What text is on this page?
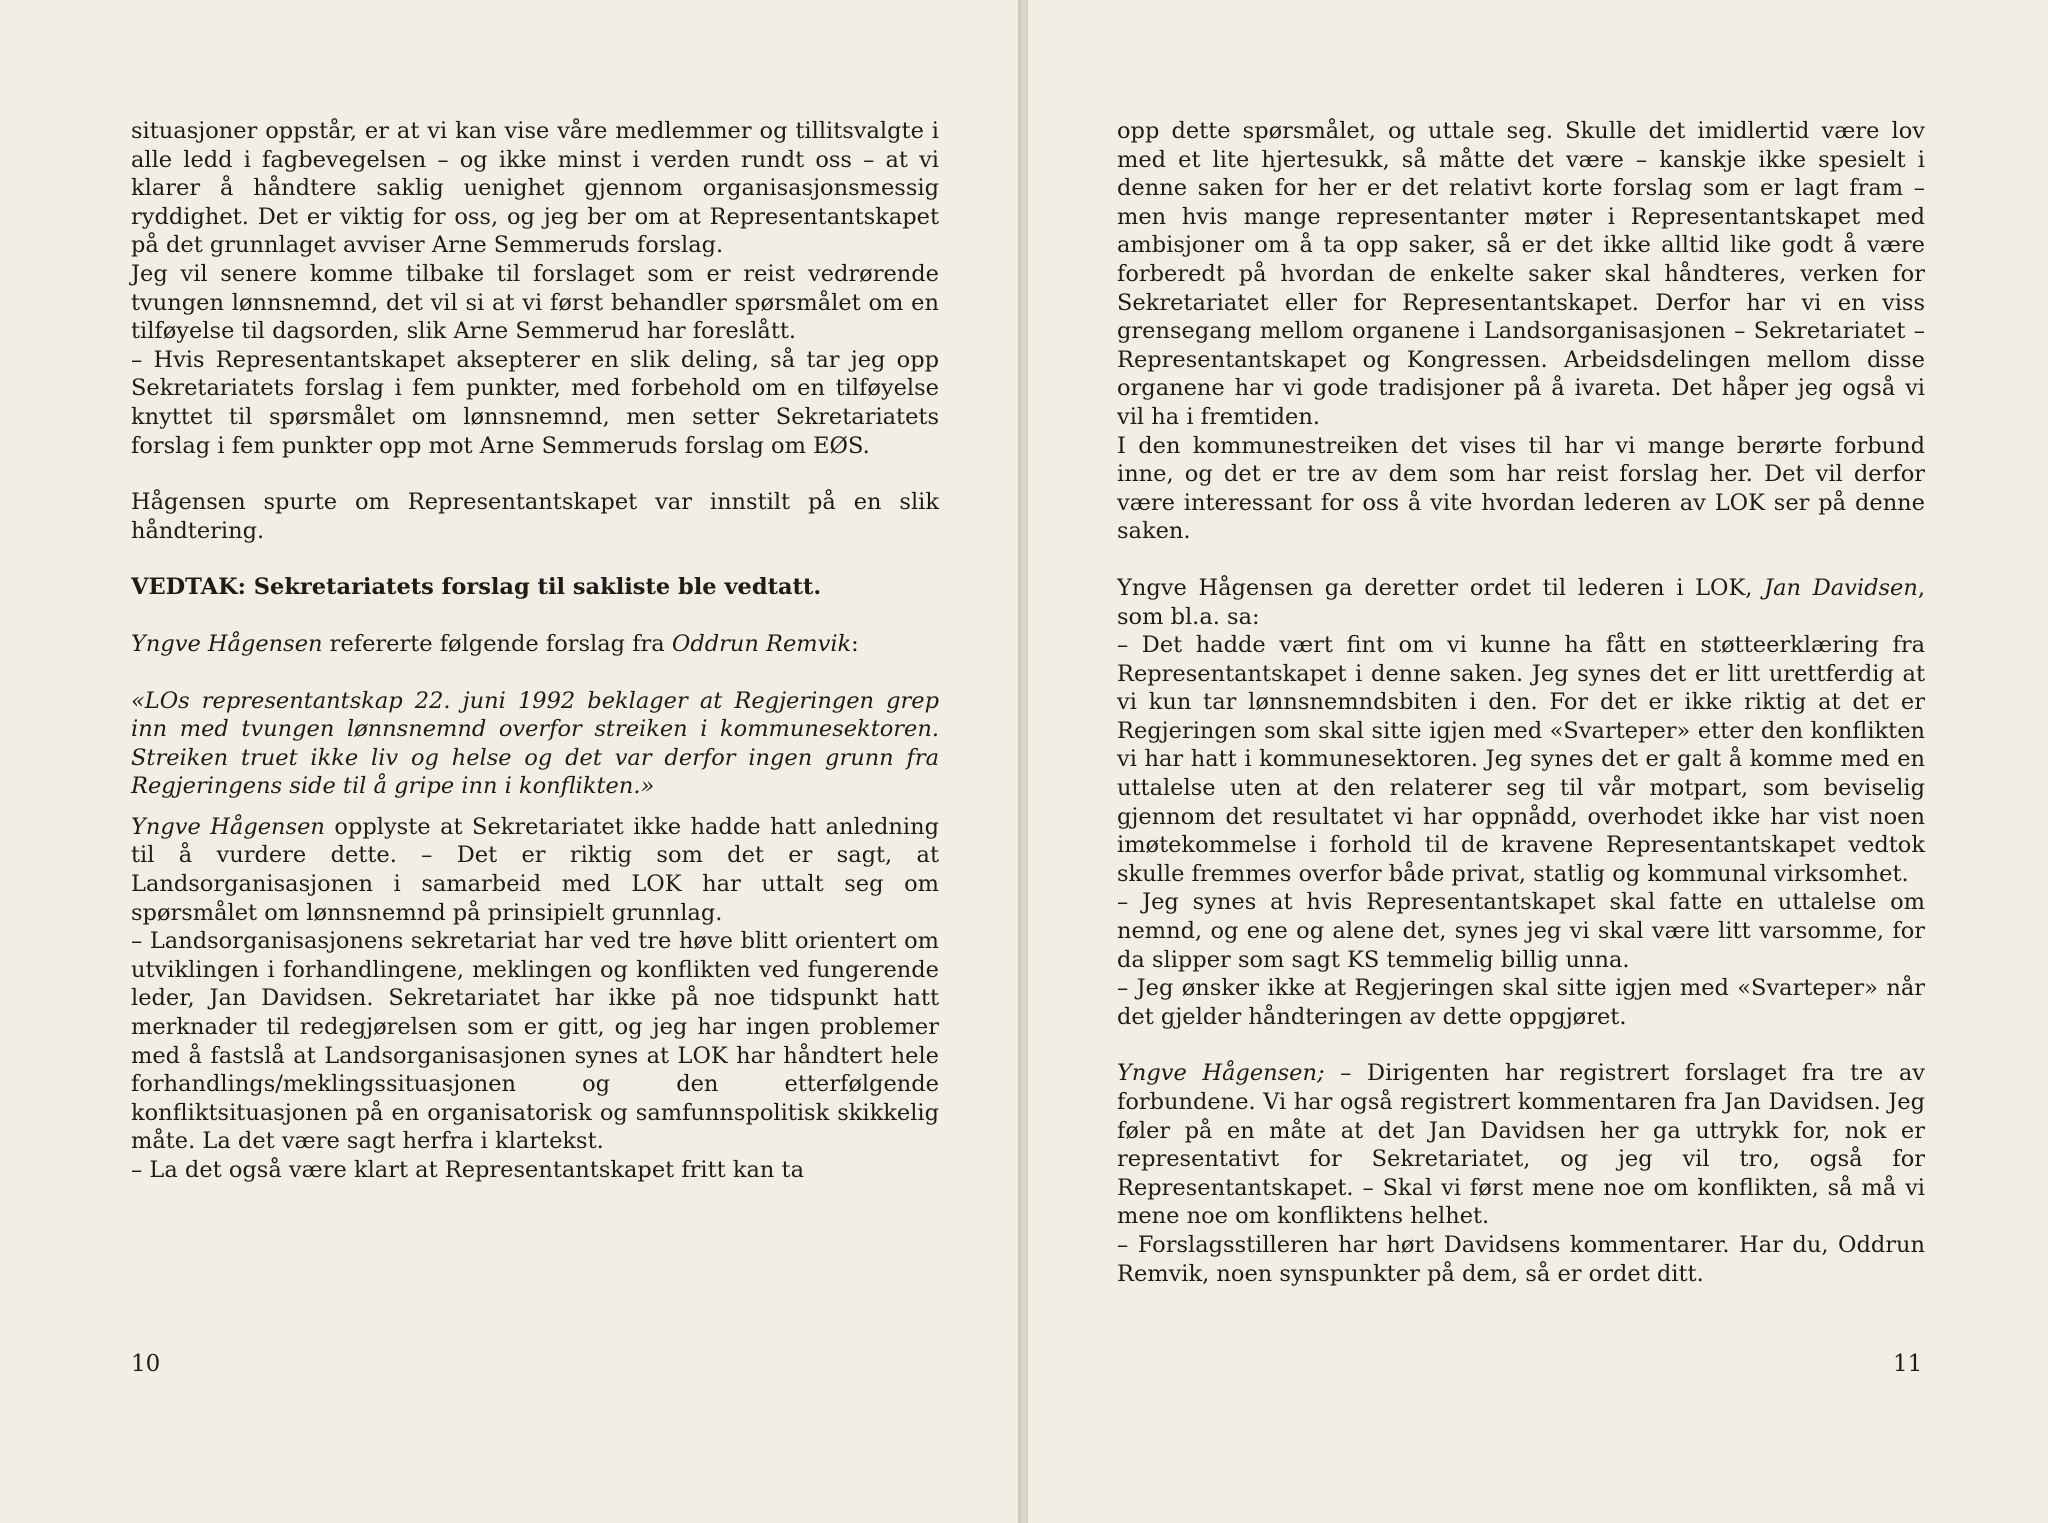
situasjoner oppstår, er at vi kan vise våre medlemmer og tillitsvalgte i alle ledd i fagbevegelsen – og ikke minst i verden rundt oss – at vi klarer å håndtere saklig uenighet gjennom organisasjonsmessig ryddighet. Det er viktig for oss, og jeg ber om at Representantskapet på det grunnlaget avviser Arne Semmeruds forslag.

Jeg vil senere komme tilbake til forslaget som er reist vedrørende tvungen lønnsnemnd, det vil si at vi først behandler spørsmålet om en tilføyelse til dagsorden, slik Arne Semmerud har foreslått.

– Hvis Representantskapet aksepterer en slik deling, så tar jeg opp Sekretariatets forslag i fem punkter, med forbehold om en tilføyelse knyttet til spørsmålet om lønnsnemnd, men setter Sekretariatets forslag i fem punkter opp mot Arne Semmeruds forslag om EØS.

Hågensen spurte om Representantskapet var innstilt på en slik håndtering.

VEDTAK: Sekretariatets forslag til sakliste ble vedtatt.

Yngve Hågensen refererte følgende forslag fra Oddrun Remvik:

«LOs representantskap 22. juni 1992 beklager at Regjeringen grep inn med tvungen lønnsnemnd overfor streiken i kommunesektoren. Streiken truet ikke liv og helse og det var derfor ingen grunn fra Regjeringens side til å gripe inn i konflikten.»

Yngve Hågensen opplyste at Sekretariatet ikke hadde hatt anledning til å vurdere dette. – Det er riktig som det er sagt, at Landsorganisasjonen i samarbeid med LOK har uttalt seg om spørsmålet om lønnsnemnd på prinsipielt grunnlag.

– Landsorganisasjonens sekretariat har ved tre høve blitt orientert om utviklingen i forhandlingene, meklingen og konflikten ved fungerende leder, Jan Davidsen. Sekretariatet har ikke på noe tidspunkt hatt merknader til redegjørelsen som er gitt, og jeg har ingen problemer med å fastslå at Landsorganisasjonen synes at LOK har håndtert hele forhandlings/meklingssituasjonen og den etterfølgende konfliktsituasjonen på en organisatorisk og samfunnspolitisk skikkelig måte. La det være sagt herfra i klartekst.

– La det også være klart at Representantskapet fritt kan ta

10

opp dette spørsmålet, og uttale seg. Skulle det imidlertid være lov med et lite hjertesukk, så måtte det være – kanskje ikke spesielt i denne saken for her er det relativt korte forslag som er lagt fram – men hvis mange representanter møter i Representantskapet med ambisjoner om å ta opp saker, så er det ikke alltid like godt å være forberedt på hvordan de enkelte saker skal håndteres, verken for Sekretariatet eller for Representantskapet. Derfor har vi en viss grensegang mellom organene i Landsorganisasjonen – Sekretariatet – Representantskapet og Kongressen. Arbeidsdelingen mellom disse organene har vi gode tradisjoner på å ivareta. Det håper jeg også vi vil ha i fremtiden.

I den kommunestreiken det vises til har vi mange berørte forbund inne, og det er tre av dem som har reist forslag her. Det vil derfor være interessant for oss å vite hvordan lederen av LOK ser på denne saken.

Yngve Hågensen ga deretter ordet til lederen i LOK, Jan Davidsen, som bl.a. sa:

– Det hadde vært fint om vi kunne ha fått en støtteerklæring fra Representantskapet i denne saken. Jeg synes det er litt urettferdig at vi kun tar lønnsnemndsbiten i den. For det er ikke riktig at det er Regjeringen som skal sitte igjen med «Svarteper» etter den konflikten vi har hatt i kommunesektoren. Jeg synes det er galt å komme med en uttalelse uten at den relaterer seg til vår motpart, som beviselig gjennom det resultatet vi har oppnådd, overhodet ikke har vist noen imøtekommelse i forhold til de kravene Representantskapet vedtok skulle fremmes overfor både privat, statlig og kommunal virksomhet.

– Jeg synes at hvis Representantskapet skal fatte en uttalelse om nemnd, og ene og alene det, synes jeg vi skal være litt varsomme, for da slipper som sagt KS temmelig billig unna.

– Jeg ønsker ikke at Regjeringen skal sitte igjen med «Svarteper» når det gjelder håndteringen av dette oppgjøret.

Yngve Hågensen; – Dirigenten har registrert forslaget fra tre av forbundene. Vi har også registrert kommentaren fra Jan Davidsen. Jeg føler på en måte at det Jan Davidsen her ga uttrykk for, nok er representativt for Sekretariatet, og jeg vil tro, også for Representantskapet. – Skal vi først mene noe om konflikten, så må vi mene noe om konfliktens helhet.

– Forslagsstilleren har hørt Davidsens kommentarer. Har du, Oddrun Remvik, noen synspunkter på dem, så er ordet ditt.

11
